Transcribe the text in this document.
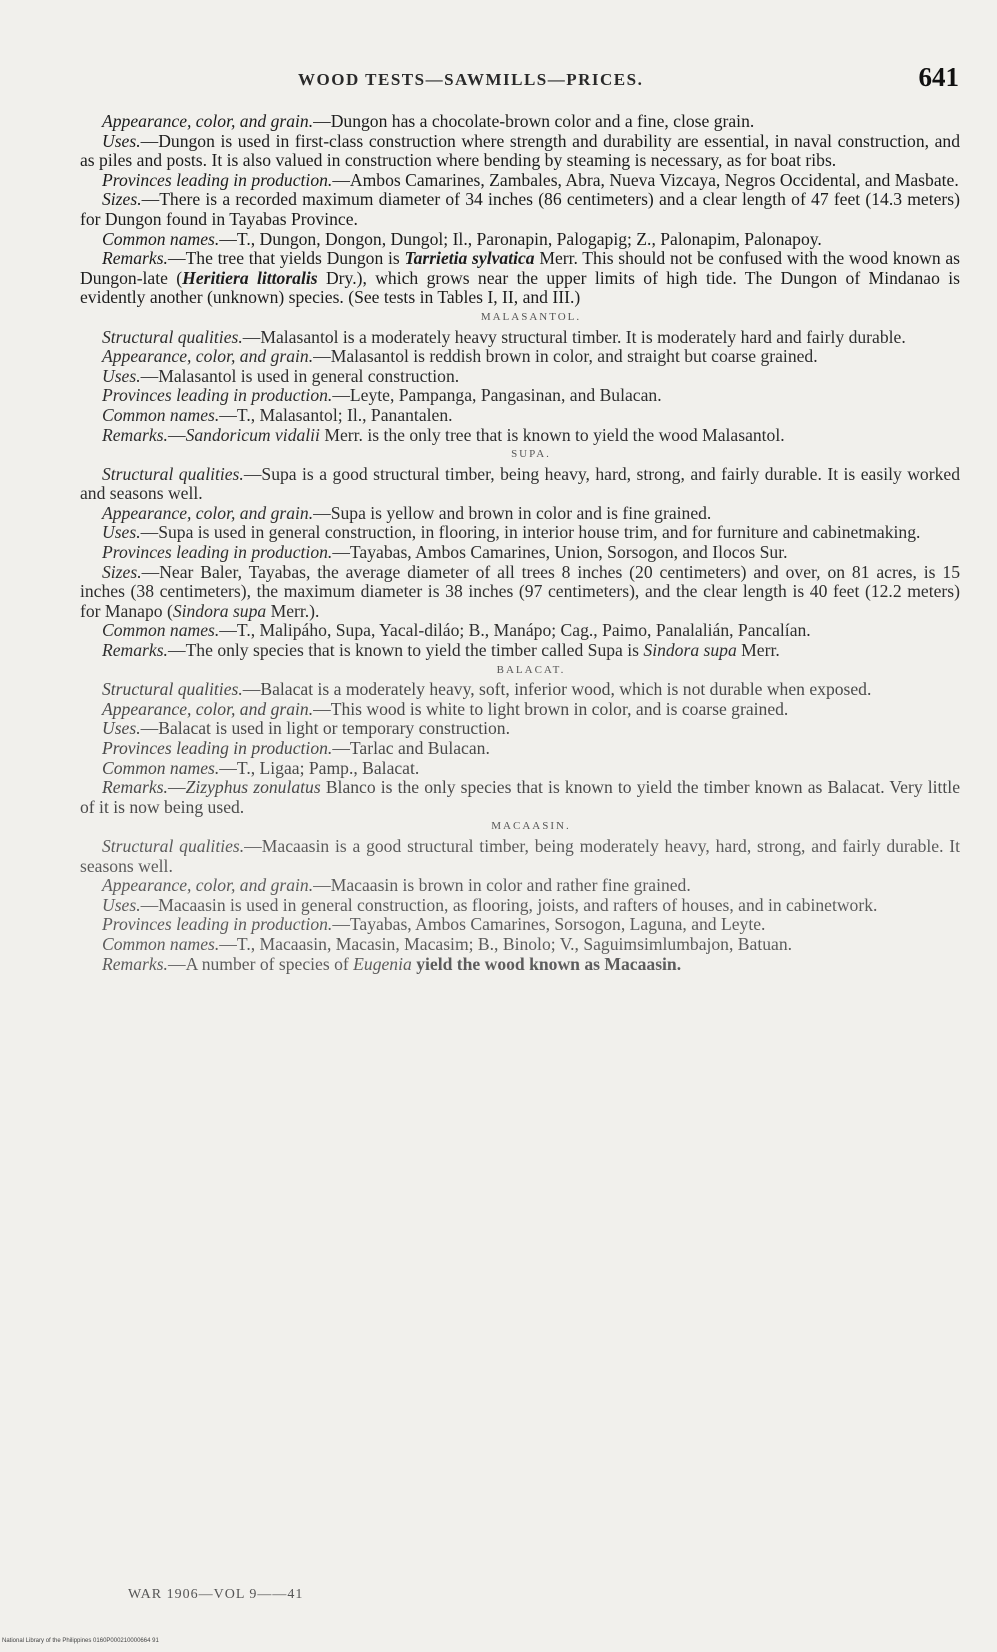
WOOD TESTS—SAWMILLS—PRICES.	641

Appearance, color, and grain.—Dungon has a chocolate-brown color and a fine, close grain.

Uses.—Dungon is used in first-class construction where strength and durability are essential, in naval construction, and as piles and posts. It is also valued in construction where bending by steaming is necessary, as for boat ribs.

Provinces leading in production.—Ambos Camarines, Zambales, Abra, Nueva Vizcaya, Negros Occidental, and Masbate.

Sizes.—There is a recorded maximum diameter of 34 inches (86 centimeters) and a clear length of 47 feet (14.3 meters) for Dungon found in Tayabas Province.

Common names.—T., Dungon, Dongon, Dungol; Il., Paronapin, Palogapig; Z., Palonapim, Palonapoy.

Remarks.—The tree that yields Dungon is Tarrietia sylvatica Merr. This should not be confused with the wood known as Dungon-late (Heritiera littoralis Dry.), which grows near the upper limits of high tide. The Dungon of Mindanao is evidently another (unknown) species. (See tests in Tables I, II, and III.)

MALASANTOL.

Structural qualities.—Malasantol is a moderately heavy structural timber. It is moderately hard and fairly durable.

Appearance, color, and grain.—Malasantol is reddish brown in color, and straight but coarse grained.

Uses.—Malasantol is used in general construction.

Provinces leading in production.—Leyte, Pampanga, Pangasinan, and Bulacan.

Common names.—T., Malasantol; Il., Panantalen.

Remarks.—Sandoricum vidalii Merr. is the only tree that is known to yield the wood Malasantol.

SUPA.

Structural qualities.—Supa is a good structural timber, being heavy, hard, strong, and fairly durable. It is easily worked and seasons well.

Appearance, color, and grain.—Supa is yellow and brown in color and is fine grained.

Uses.—Supa is used in general construction, in flooring, in interior house trim, and for furniture and cabinetmaking.

Provinces leading in production.—Tayabas, Ambos Camarines, Union, Sorsogon, and Ilocos Sur.

Sizes.—Near Baler, Tayabas, the average diameter of all trees 8 inches (20 centimeters) and over, on 81 acres, is 15 inches (38 centimeters), the maximum diameter is 38 inches (97 centimeters), and the clear length is 40 feet (12.2 meters) for Manapo (Sindora supa Merr.).

Common names.—T., Malipáho, Supa, Yacal-diláo; B., Manápo; Cag., Paimo, Panalalián, Pancalían.

Remarks.—The only species that is known to yield the timber called Supa is Sindora supa Merr.

BALACAT.

Structural qualities.—Balacat is a moderately heavy, soft, inferior wood, which is not durable when exposed.

Appearance, color, and grain.—This wood is white to light brown in color, and is coarse grained.

Uses.—Balacat is used in light or temporary construction.

Provinces leading in production.—Tarlac and Bulacan.

Common names.—T., Ligaa; Pamp., Balacat.

Remarks.—Zizyphus zonulatus Blanco is the only species that is known to yield the timber known as Balacat. Very little of it is now being used.

MACAASIN.

Structural qualities.—Macaasin is a good structural timber, being moderately heavy, hard, strong, and fairly durable. It seasons well.

Appearance, color, and grain.—Macaasin is brown in color and rather fine grained.

Uses.—Macaasin is used in general construction, as flooring, joists, and rafters of houses, and in cabinetwork.

Provinces leading in production.—Tayabas, Ambos Camarines, Sorsogon, Laguna, and Leyte.

Common names.—T., Macaasin, Macasin, Macasim; B., Binolo; V., Saguimsimlumbajon, Batuan.

Remarks.—A number of species of Eugenia yield the wood known as Macaasin.

WAR 1906—VOL 9——41
National Library of the Philippines 0160P000210000664 91
